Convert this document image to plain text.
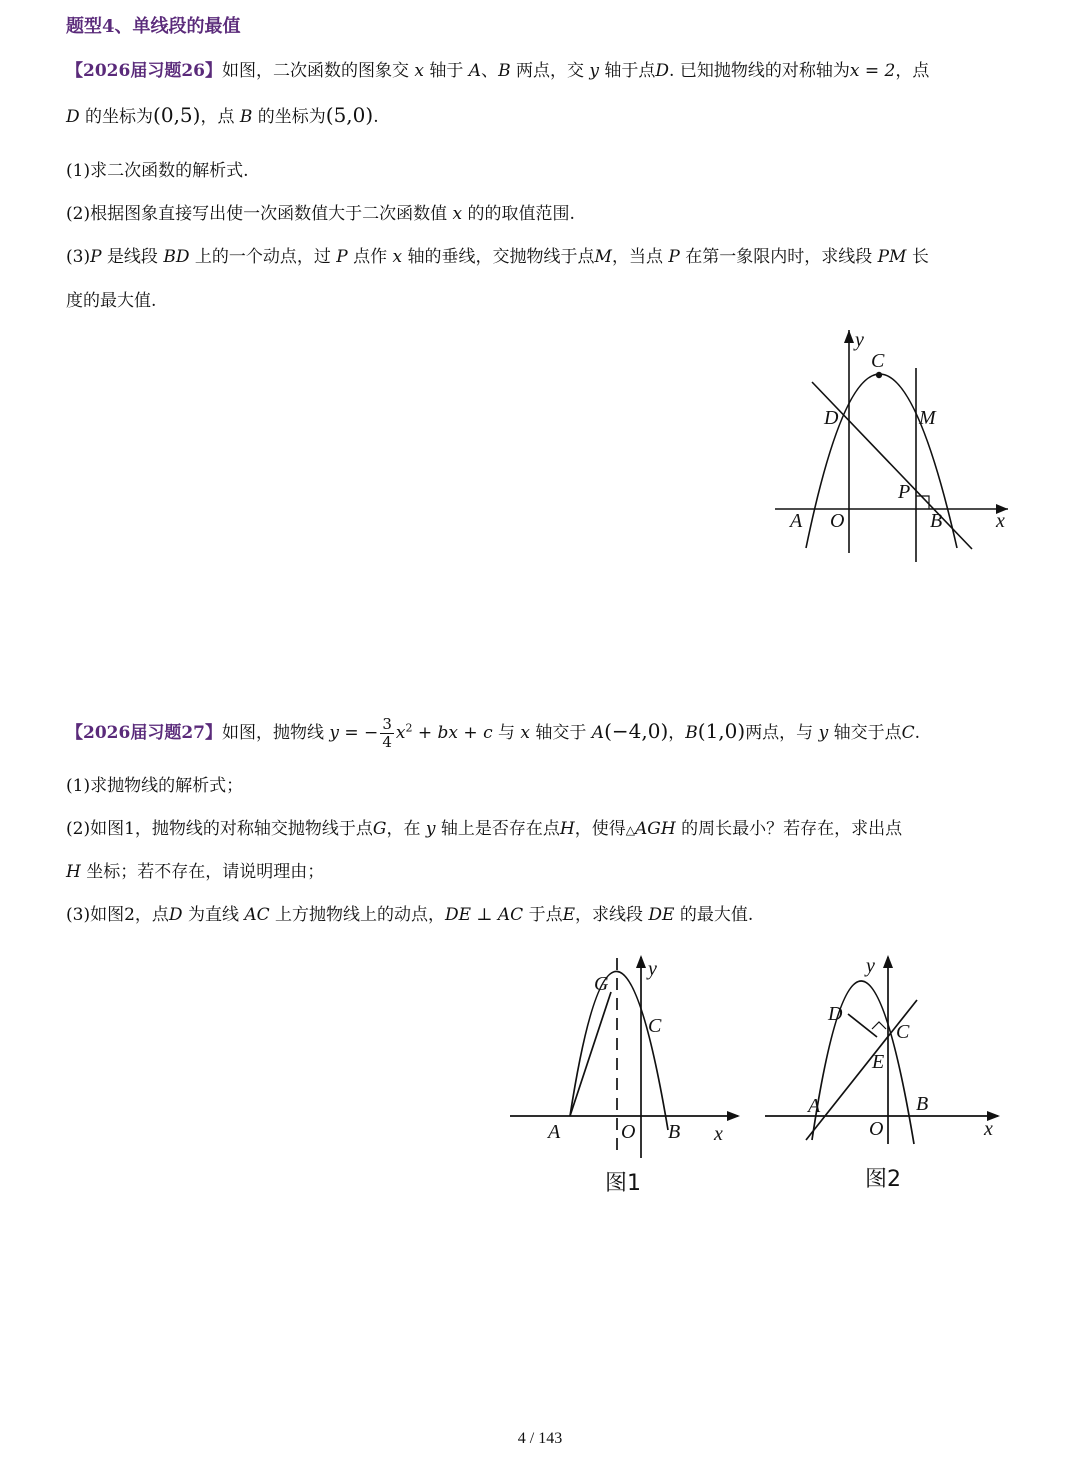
题型4、单线段的最值
【2026届习题26】如图，二次函数的图象交 x 轴于 A、B 两点，交 y 轴于点D. 已知抛物线的对称轴为x = 2，点
D 的坐标为(0,5)，点 B 的坐标为(5,0).
(1)求二次函数的解析式.
(2)根据图象直接写出使一次函数值大于二次函数值 x 的的取值范围.
(3)P 是线段 BD 上的一个动点，过 P 点作 x 轴的垂线，交抛物线于点M，当点 P 在第一象限内时，求线段 PM 长
度的最大值.
C
y
D	M
P
A O	B	x
【2026届习题27】如图，抛物线 y = − $\frac{3}{4} x^2$ + bx + c 与 x 轴交于 A(−4,0)，B(1,0)两点，与 y 轴交于点C.
(1)求抛物线的解析式；
(2)如图1，抛物线的对称轴交抛物线于点G，在 y 轴上是否存在点H，使得△AGH 的周长最小？若存在，求出点
H 坐标；若不存在，请说明理由；
(3)如图2，点D 为直线 AC 上方抛物线上的动点，DE ⊥ AC 于点E，求线段 DE 的最大值.
G
y
C
A	O B x
图1
y
D
C
E
A	B
O	x
图2
4 / 143
